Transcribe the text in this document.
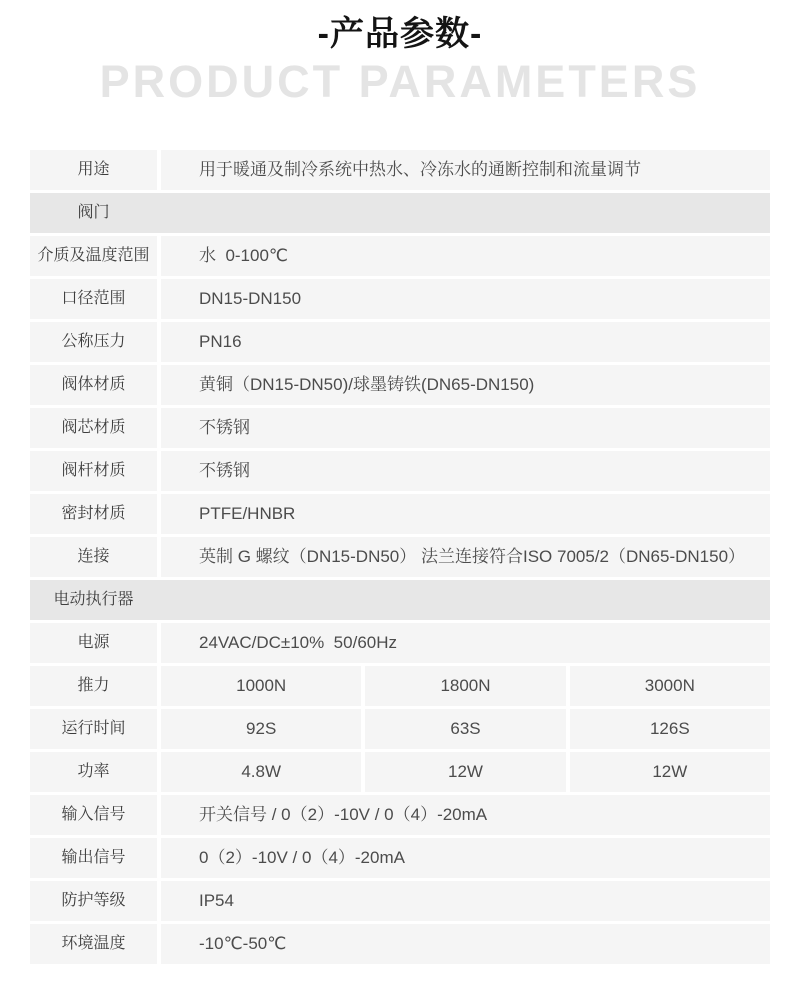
-产品参数-
PRODUCT PARAMETERS
用途	用于暖通及制冷系统中热水、冷冻水的通断控制和流量调节
阀门
介质及温度范围	水  0-100℃
口径范围	DN15-DN150
公称压力	PN16
阀体材质	黄铜（DN15-DN50)/球墨铸铁(DN65-DN150)
阀芯材质	不锈钢
阀杆材质	不锈钢
密封材质	PTFE/HNBR
连接	英制 G 螺纹（DN15-DN50） 法兰连接符合ISO 7005/2（DN65-DN150）
电动执行器
电源	24VAC/DC±10%  50/60Hz
推力	1000N	1800N	3000N
运行时间	92S	63S	126S
功率	4.8W	12W	12W
输入信号	开关信号 / 0（2）-10V / 0（4）-20mA
输出信号	0（2）-10V / 0（4）-20mA
防护等级	IP54
环境温度	-10℃-50℃
